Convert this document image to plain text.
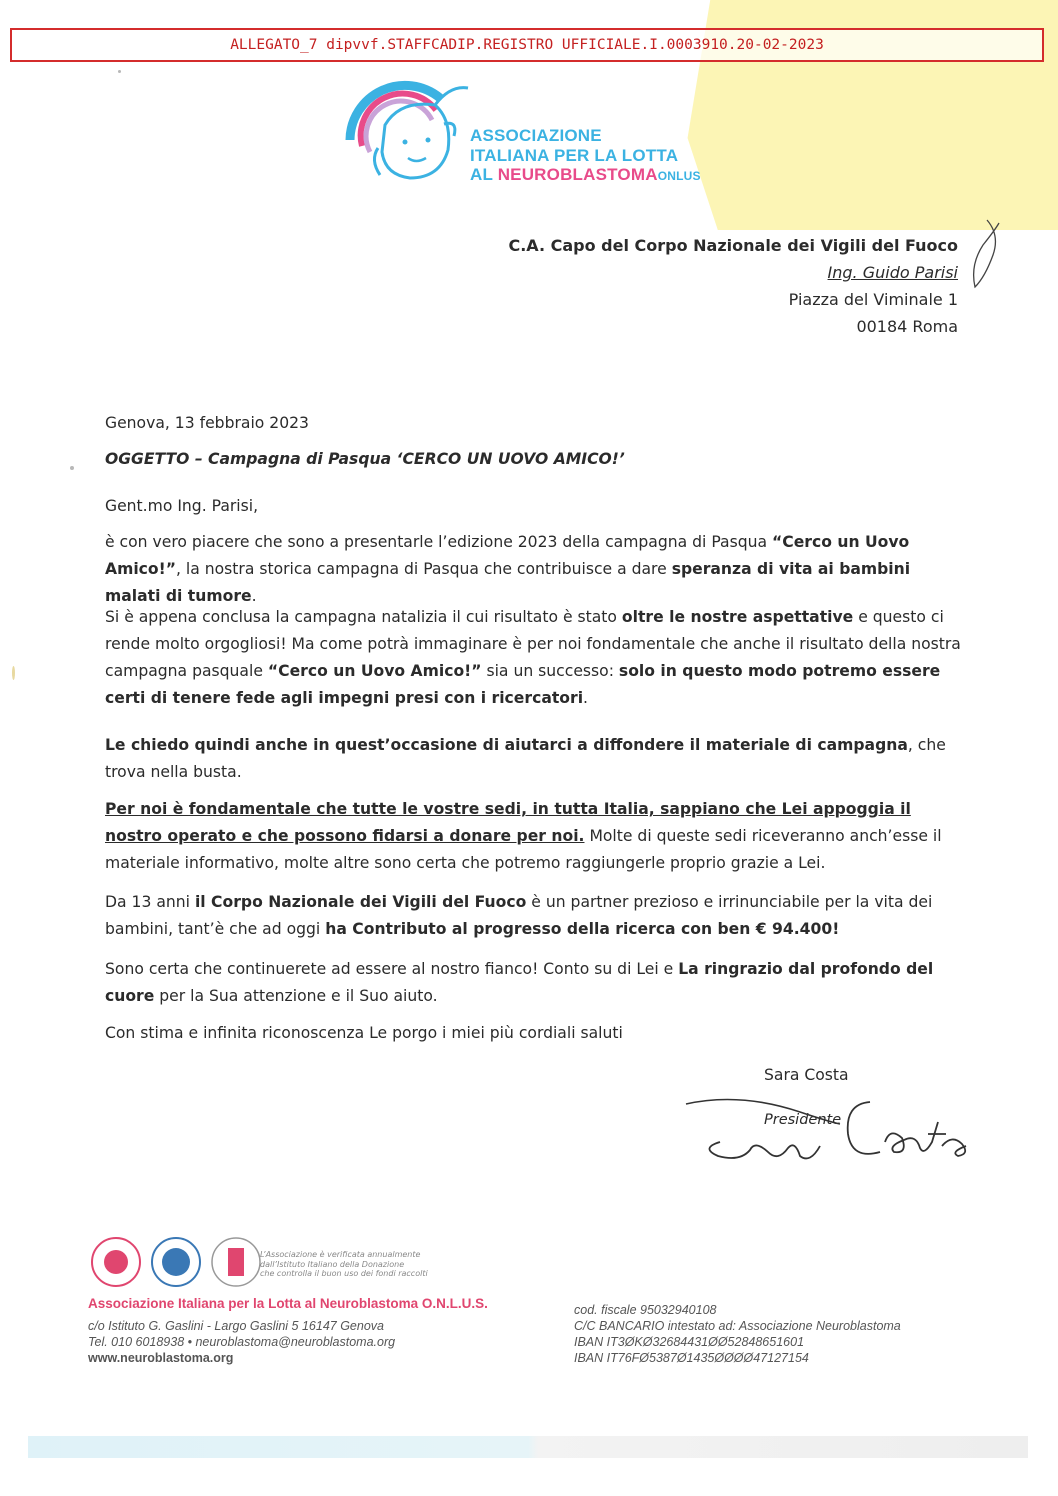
ALLEGATO_7 dipvvf.STAFFCADIP.REGISTRO UFFICIALE.I.0003910.20-02-2023
ASSOCIAZIONE
ITALIANA PER LA LOTTA
AL NEUROBLASTOMAONLUS
C.A. Capo del Corpo Nazionale dei Vigili del Fuoco
Ing. Guido Parisi
Piazza del Viminale 1
00184 Roma
Genova, 13 febbraio 2023
OGGETTO – Campagna di Pasqua ‘CERCO UN UOVO AMICO!’
Gent.mo Ing. Parisi,
è con vero piacere che sono a presentarle l’edizione 2023 della campagna di Pasqua “Cerco un Uovo Amico!”, la nostra storica campagna di Pasqua che contribuisce a dare speranza di vita ai bambini malati di tumore.
Si è appena conclusa la campagna natalizia il cui risultato è stato oltre le nostre aspettative e questo ci rende molto orgogliosi! Ma come potrà immaginare è per noi fondamentale che anche il risultato della nostra campagna pasquale “Cerco un Uovo Amico!” sia un successo: solo in questo modo potremo essere certi di tenere fede agli impegni presi con i ricercatori.
Le chiedo quindi anche in quest’occasione di aiutarci a diffondere il materiale di campagna, che trova nella busta.
Per noi è fondamentale che tutte le vostre sedi, in tutta Italia, sappiano che Lei appoggia il nostro operato e che possono fidarsi a donare per noi. Molte di queste sedi riceveranno anch’esse il materiale informativo, molte altre sono certa che potremo raggiungerle proprio grazie a Lei.
Da 13 anni il Corpo Nazionale dei Vigili del Fuoco è un partner prezioso e irrinunciabile per la vita dei bambini, tant’è che ad oggi ha Contributo al progresso della ricerca con ben € 94.400!
Sono certa che continuerete ad essere al nostro fianco! Conto su di Lei e La ringrazio dal profondo del cuore per la Sua attenzione e il Suo aiuto.
Con stima e infinita riconoscenza Le porgo i miei più cordiali saluti
Sara Costa
Presidente
L’Associazione è verificata annualmente
dall’Istituto Italiano della Donazione
che controlla il buon uso dei fondi raccolti
Associazione Italiana per la Lotta al Neuroblastoma O.N.L.U.S.
c/o Istituto G. Gaslini - Largo Gaslini 5 16147 Genova
Tel. 010 6018938 • neuroblastoma@neuroblastoma.org
www.neuroblastoma.org
cod. fiscale 95032940108
C/C BANCARIO intestato ad: Associazione Neuroblastoma
IBAN IT3ØKØ32684431ØØ52848651601
IBAN IT76FØ5387Ø1435ØØØØ47127154
